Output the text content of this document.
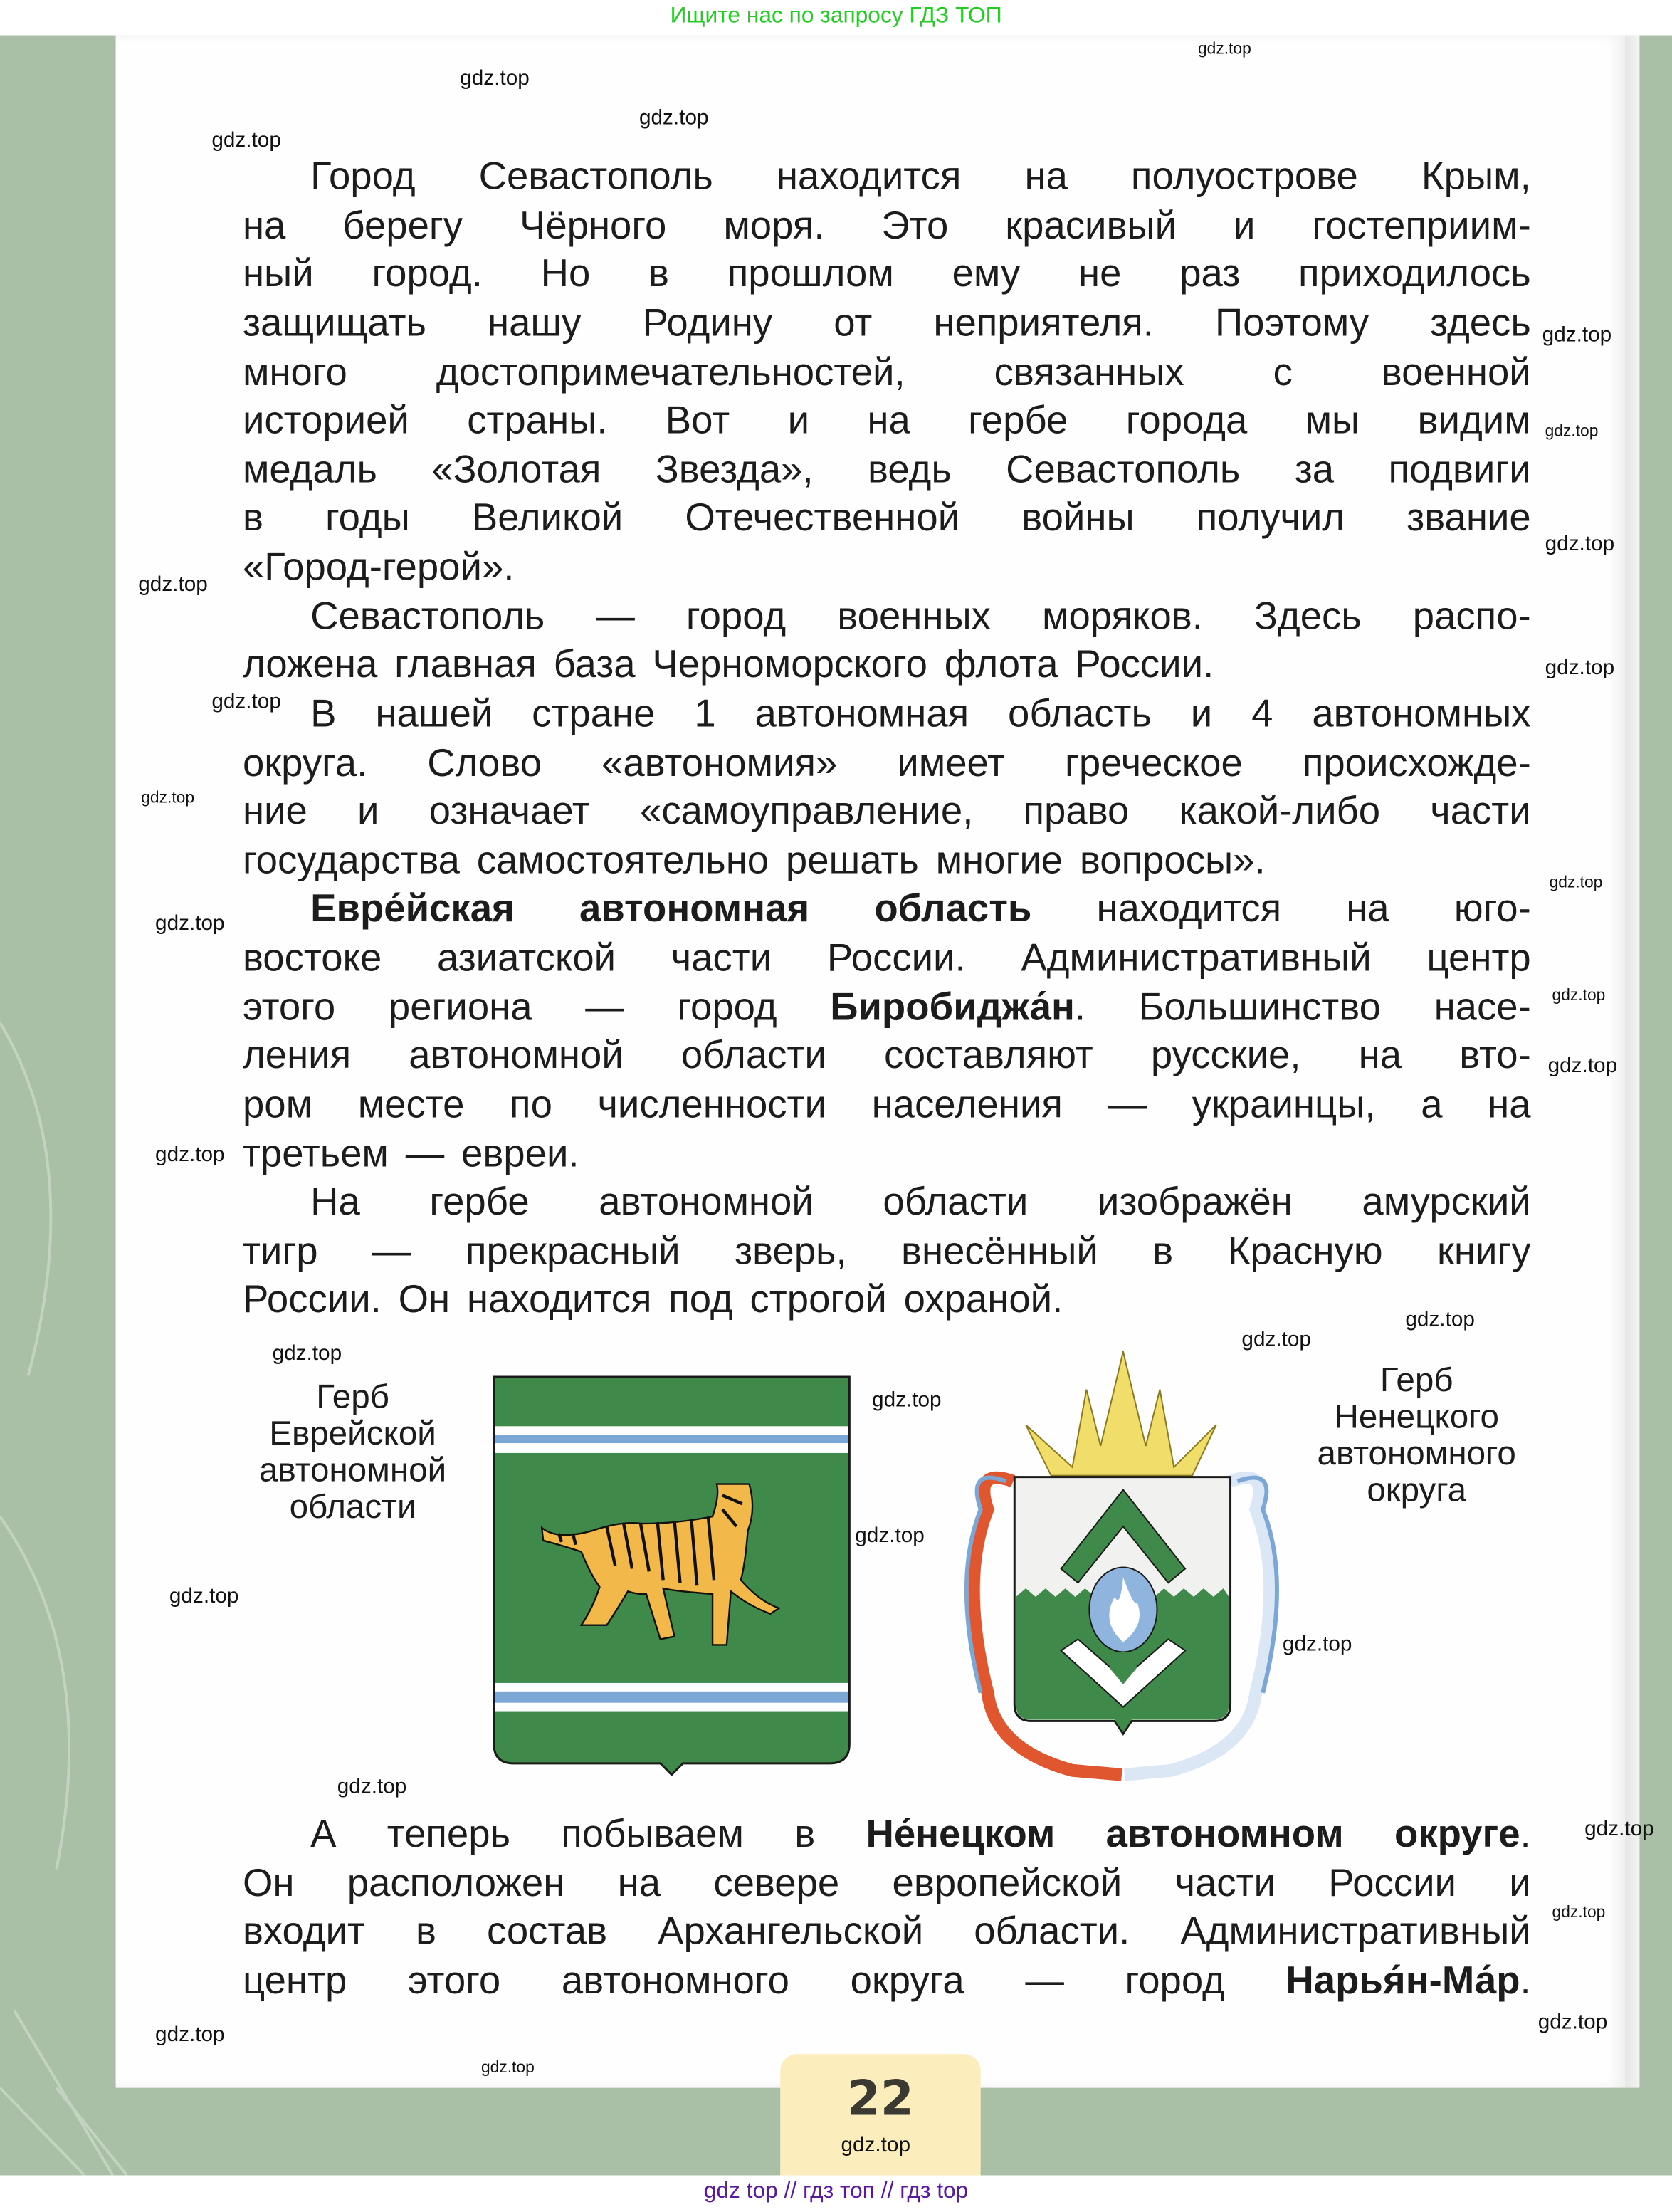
Ищите нас по запросу ГДЗ ТОП
Город	Севастополь	находится	на	полуострове	Крым,
на	берегу	Чёрного	моря.	Это	красивый	и	гостеприим-
ный	город.	Но	в	прошлом	ему	не	раз	приходилось
защищать	нашу	Родину	от	неприятеля.	Поэтому	здесь
много	достопримечательностей,	связанных	с	военной
историей	страны.	Вот	и	на	гербе	города	мы	видим
медаль	«Золотая	Звезда»,	ведь	Севастополь	за	подвиги
в	годы	Великой	Отечественной	войны	получил	звание
«Город-герой».
Севастополь	—	город	военных	моряков.	Здесь	распо-
ложена главная база Черноморского флота России.
В нашей стране 1 автономная область и 4 автономных
округа.	Слово	«автономия»	имеет	греческое	происхожде-
ние	и	означает	«самоуправление,	право	какой-либо	части
государства самостоятельно решать многие вопросы».
Евре́йская	автономная	область	находится	на	юго-
востоке	азиатской	части	России.	Административный	центр
этого	региона	—	город	Биробиджа́н.	Большинство	насе-
ления	автономной	области	составляют	русские,	на	вто-
ром месте по численности населения — украинцы, а на
третьем — евреи.
На	гербе	автономной	области	изображён	амурский
тигр	—	прекрасный	зверь,	внесённый	в	Красную	книгу
России. Он находится под строгой охраной.
А	теперь	побываем	в	Не́нецком	автономном	округе.
Он	расположен	на	севере	европейской	части	России	и
входит	в	состав	Архангельской	области.	Административный
центр	этого	автономного	округа	—	город	Нарья́н-Ма́р.
Герб
Еврейской
автономной
области
Герб
Ненецкого
автономного
округа
22
gdz top // гдз топ // гдз top
gdz.top
gdz.top
gdz.top
gdz.top
gdz.top
gdz.top
gdz.top
gdz.top
gdz.top
gdz.top
gdz.top
gdz.top
gdz.top
gdz.top
gdz.top
gdz.top
gdz.top
gdz.top
gdz.top
gdz.top
gdz.top
gdz.top
gdz.top
gdz.top
gdz.top
gdz.top
gdz.top
gdz.top
gdz.top
gdz.top
